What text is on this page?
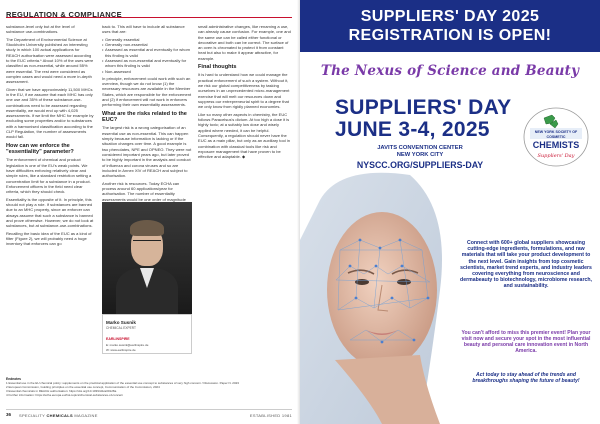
REGULATION & COMPLIANCE

substance-level only but at the level of substance use-combinations.

The Department of Environmental Science at Stockholm University published an interesting study in which 100 actual applications for REACH authorisation were assessed according to the EUC criteria.* About 10% of the uses were classified as non-essential, while around 55% were essential. The rest were considered as complex cases and would need a more in-depth assessment.

Given that we have approximately 11,500 MHCs in the EU, if we assume that each MHC has only one use and 35% of these substance-use-combinations need to be assessed regarding essentiality, we would end up with 4,025 assessments. If we limit the MHC for example by excluding some properties and/or to substances with a harmonised classification according to the CLP Regulation, the number of assessments would fall.

How can we enforce the "essentiality" parameter?

The enforcement of chemical and product legislation is one of the EU's weak points. We have difficulties enforcing relatively clear and simple rules, like a standard restriction setting a concentration limit for a substance in a product. Enforcement officers in the field need clear criteria, which they should check.

Essentiality is the opposite of it. In principle, this should not play a role. If substances are banned due to an MHC property, since an enforcer can always assume that such a substance is banned and prove otherwise. However, we do not look at substances, but at substance-use-combinations.

Recalling the basic idea of the EUC as a kind of filter (Figure 2), we will probably need a huge inventory that enforcers can go

back to. This will have to include all substance uses that are:

• Generally essential
• Generally non-essential
• Assessed as essential and eventually for whom this finding is valid
• Assessed as non-essential and eventually for whom this finding is valid
• Non-assessed

In principle, enforcement could work with such an overview, though we do not know (1) the necessary resources are available in the Member States, which are responsible for the enforcement and (2) if enforcement will not work in enforcers performing their own essentiality assessments.

What are the risks related to the EUC?

The largest risk is a wrong categorisation of an essential use as non-essential. This can happen simply because information is lacking or if the situation changes over time. A good example is two phenolates, NPE and OPNEO. They were not considered important years ago, but later proved to be highly important in the analysis and conduct of influenza and corona viruses and so are included in Annex XIV of REACH and subject to authorisation.

Another risk is resources. Today ECHA can process around 60 applications/year for authorisation. The number of essentiality assessments would be one order of magnitude

small administrative changes, like renaming a use, can already cause confusion. For example, one and the same use can be called either functional or decorative and both can be correct. The surface of an oven is chromated to protect it from constant heat but also to make it appear attractive, for example.

Final thoughts

It is hard to understand how we could manage the practical enforcement of such a system. Without it, we risk our global competitiveness by tasking ourselves in an unprecedented micro-management exercise that will melt our resources down and suppress our entrepreneurial spirit to a degree that we only know from rigidly planned economies.

Like so many other aspects in chemistry, the EUC follows Paracelsus's dictum. At too high a dose it is highly toxic; at a suitably low dose and wisely applied where needed, it can be helpful. Consequently, a regulation should never have the EUC as a main pillar, but only as an auxiliary tool in combination with classical tools like risk and exposure management that have proven to be effective and adaptable. ◆

Marko Susnik
CHEMICAL EXPERT
EARLINSPIRE
E: marko.susnik@earlinspire.de
W: www.earlinspire.de
Endnotes
1 Essential use in the EU chemical policy: supplements on the practical application of the essential use concept to substances of very high concern / Discussion. Paper N. 2023
2 European Commission, Guiding principles on the essential use concept, Communication of the Commission, 2024
3 Essential chemicals in REACH authorisation: https://doi.org/10.1039/d4va00128a
4 Further information: https://echa.europa.eu/hot-topics/chemical-substances-of-concern
36 SPECIALITY CHEMICALS MAGAZINE	ESTABLISHED 1981
SUPPLIERS' DAY 2025
REGISTRATION IS OPEN!
The Nexus of Science and Beauty
SUPPLIERS' DAY
JUNE 3-4, 2025
JAVITS CONVENTION CENTER
NEW YORK CITY
NYSCC.ORG/SUPPLIERS-DAY
NEW YORK SOCIETY OF
COSMETIC
CHEMISTS
Suppliers' Day
Connect with 600+ global suppliers showcasing cutting-edge ingredients, formulations, and raw materials that will take your product development to the next level. Gain insights from top cosmetic scientists, market trend experts, and industry leaders covering everything from neuroscience and dermabeauty to biotechnology, microbiome research, and sustainability.
You can't afford to miss this premier event! Plan your visit now and secure your spot in the most influential beauty and personal care innovation event in North America.
Act today to stay ahead of the trends and breakthroughs shaping the future of beauty!
